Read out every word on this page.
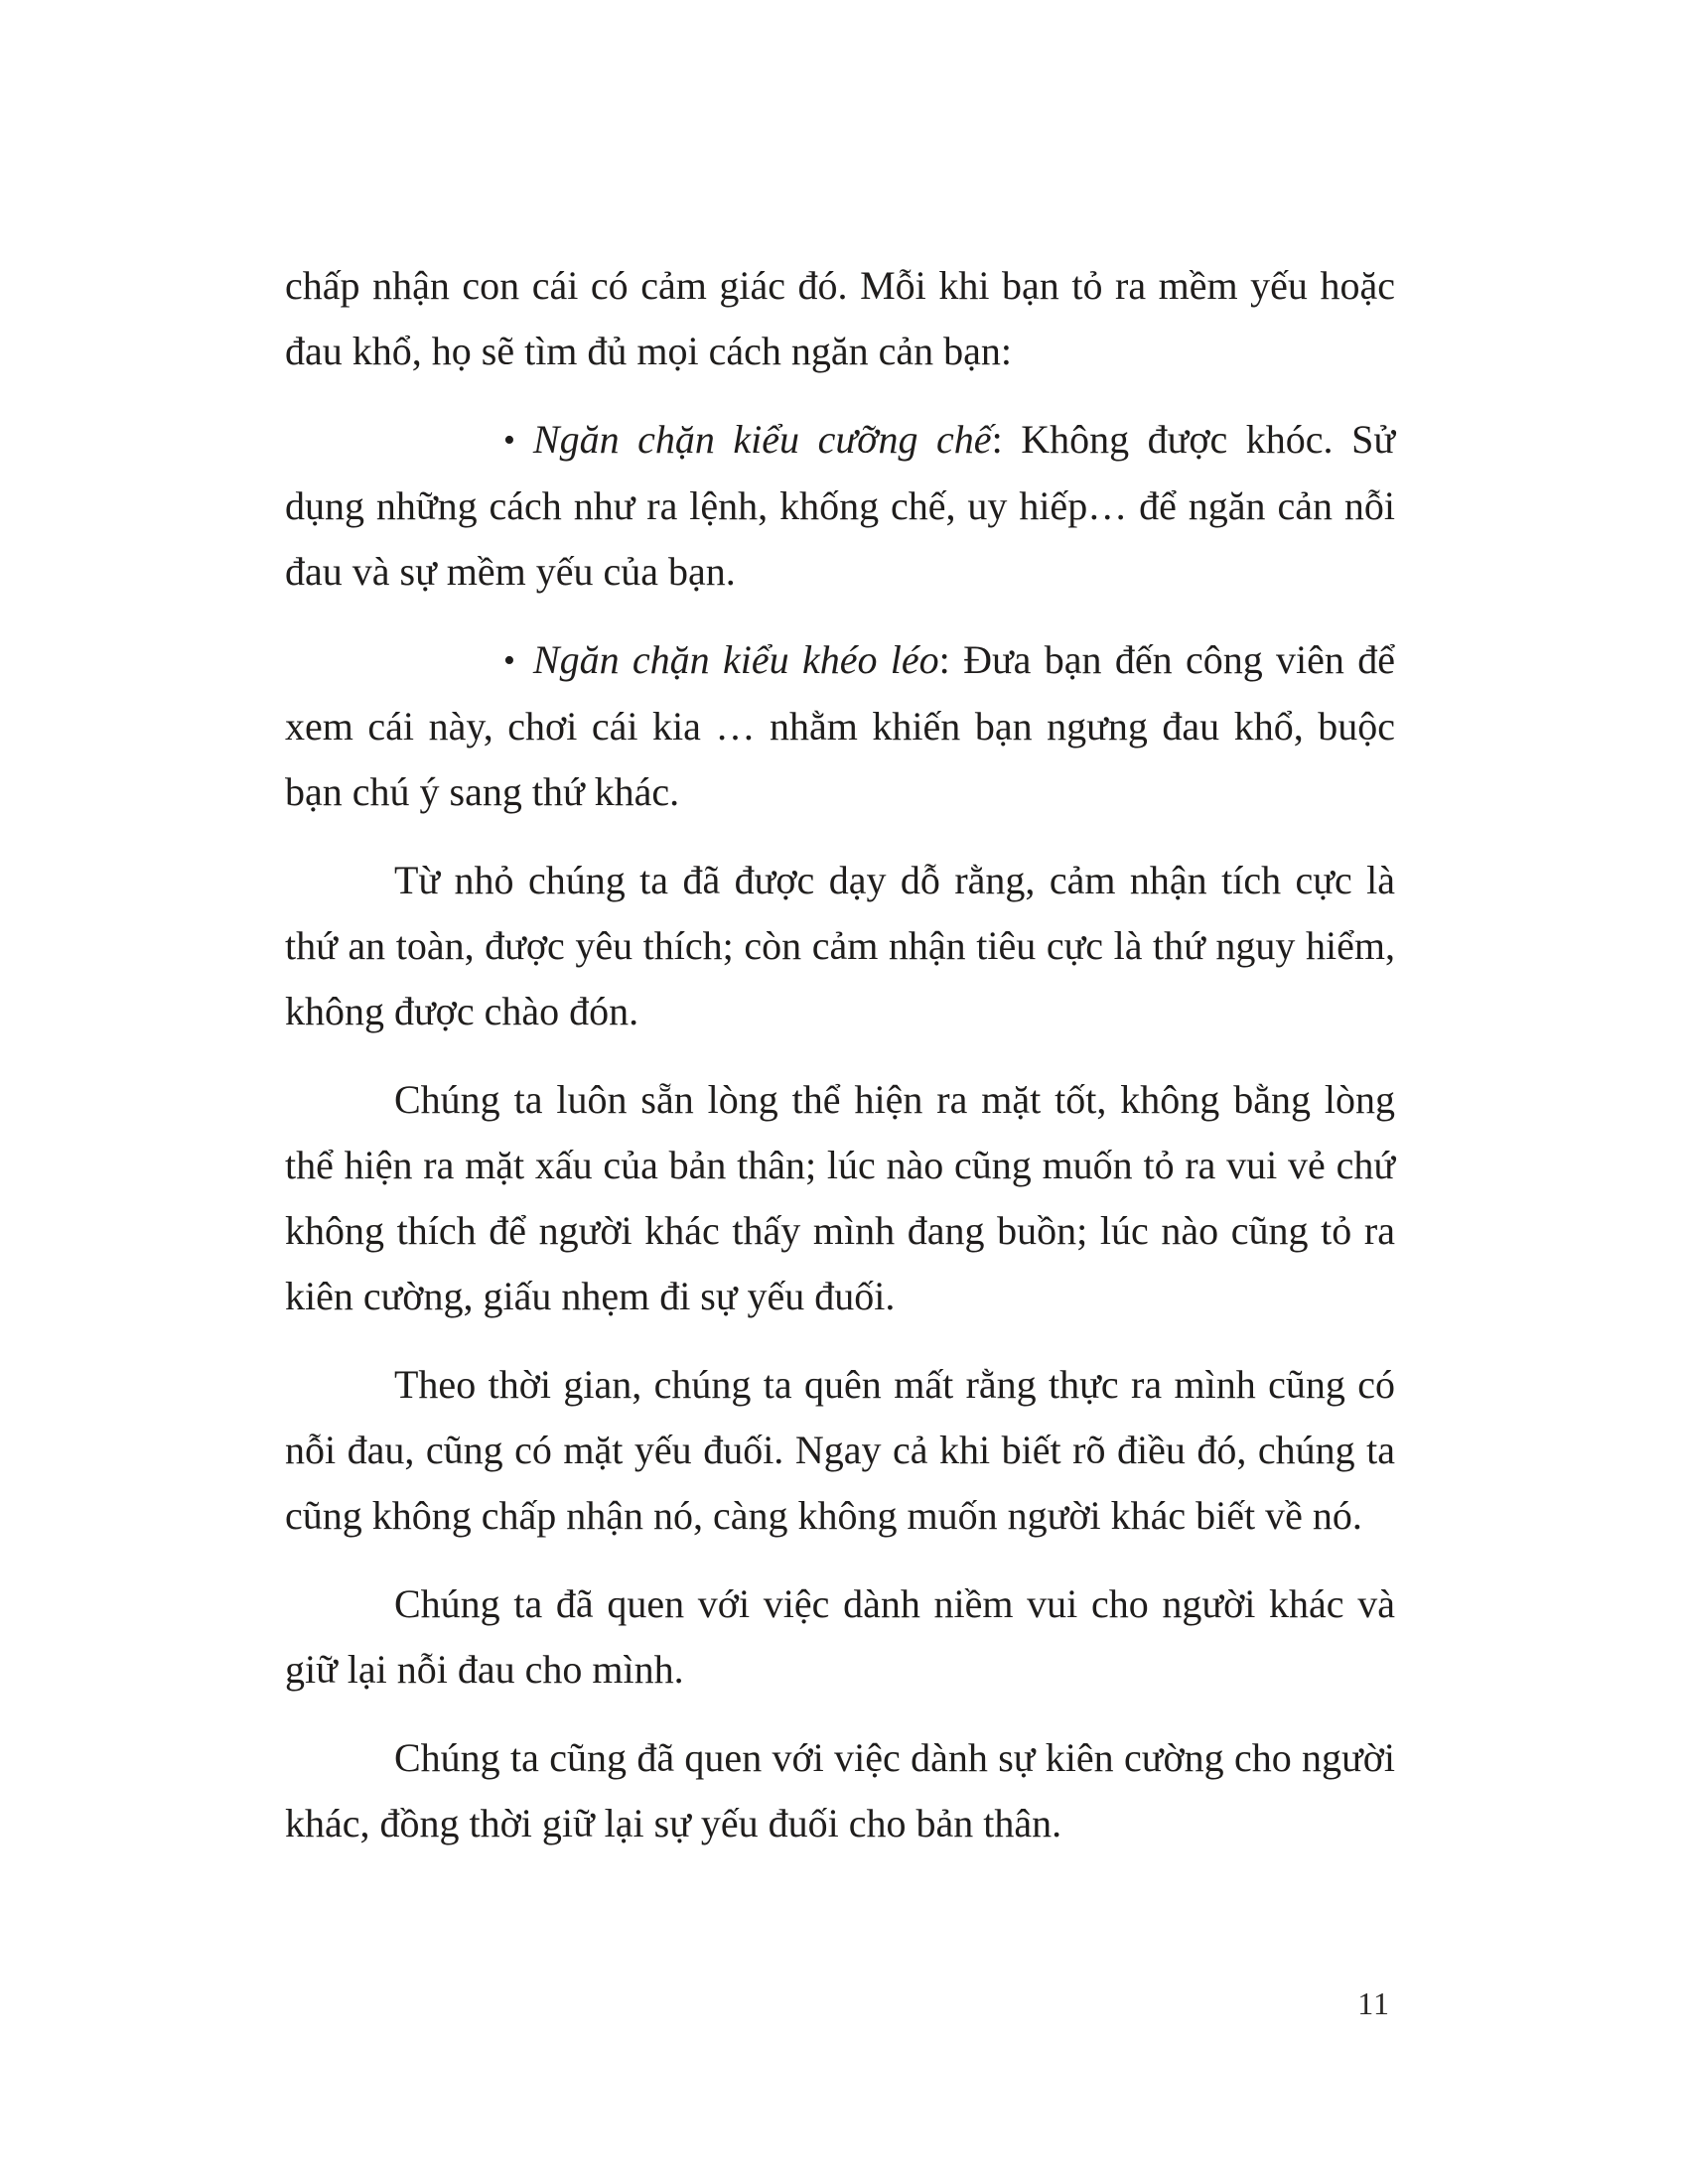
chấp nhận con cái có cảm giác đó. Mỗi khi bạn tỏ ra mềm yếu hoặc đau khổ, họ sẽ tìm đủ mọi cách ngăn cản bạn:

• Ngăn chặn kiểu cưỡng chế: Không được khóc. Sử dụng những cách như ra lệnh, khống chế, uy hiếp… để ngăn cản nỗi đau và sự mềm yếu của bạn.

• Ngăn chặn kiểu khéo léo: Đưa bạn đến công viên để xem cái này, chơi cái kia … nhằm khiến bạn ngưng đau khổ, buộc bạn chú ý sang thứ khác.

Từ nhỏ chúng ta đã được dạy dỗ rằng, cảm nhận tích cực là thứ an toàn, được yêu thích; còn cảm nhận tiêu cực là thứ nguy hiểm, không được chào đón.

Chúng ta luôn sẵn lòng thể hiện ra mặt tốt, không bằng lòng thể hiện ra mặt xấu của bản thân; lúc nào cũng muốn tỏ ra vui vẻ chứ không thích để người khác thấy mình đang buồn; lúc nào cũng tỏ ra kiên cường, giấu nhẹm đi sự yếu đuối.

Theo thời gian, chúng ta quên mất rằng thực ra mình cũng có nỗi đau, cũng có mặt yếu đuối. Ngay cả khi biết rõ điều đó, chúng ta cũng không chấp nhận nó, càng không muốn người khác biết về nó.

Chúng ta đã quen với việc dành niềm vui cho người khác và giữ lại nỗi đau cho mình.

Chúng ta cũng đã quen với việc dành sự kiên cường cho người khác, đồng thời giữ lại sự yếu đuối cho bản thân.

11
